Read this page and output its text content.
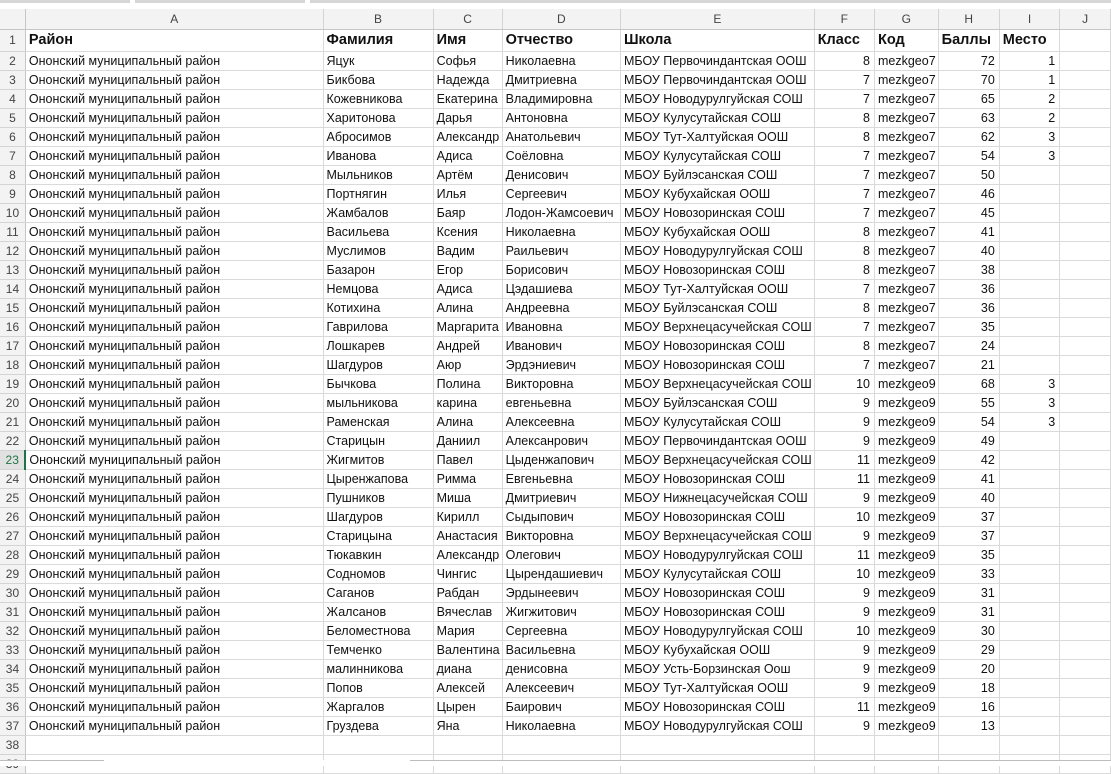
	A	B	C	D	E	F	G	H	I	J
1	Район	Фамилия	Имя	Отчество	Школа	Класс	Код	Баллы	Место	
2	Ононский муниципальный район	Яцук	Софья	Николаевна	МБОУ Первочиндантская ООШ	8	mezkgeo7	72	1	
3	Ононский муниципальный район	Бикбова	Надежда	Дмитриевна	МБОУ Первочиндантская ООШ	7	mezkgeo7	70	1	
4	Ононский муниципальный район	Кожевникова	Екатерина	Владимировна	МБОУ Новодурулгуйская СОШ	7	mezkgeo7	65	2	
5	Ононский муниципальный район	Харитонова	Дарья	Антоновна	МБОУ Кулусутайская СОШ	8	mezkgeo7	63	2	
6	Ононский муниципальный район	Абросимов	Александр	Анатольевич	МБОУ Тут-Халтуйская ООШ	8	mezkgeo7	62	3	
7	Ононский муниципальный район	Иванова	Адиса	Соёловна	МБОУ Кулусутайская СОШ	7	mezkgeo7	54	3	
8	Ононский муниципальный район	Мыльников	Артём	Денисович	МБОУ Буйлэсанская СОШ	7	mezkgeo7	50		
9	Ононский муниципальный район	Портнягин	Илья	Сергеевич	МБОУ Кубухайская ООШ	7	mezkgeo7	46		
10	Ононский муниципальный район	Жамбалов	Баяр	Лодон-Жамсоевич	МБОУ Новозоринская СОШ	7	mezkgeo7	45		
11	Ононский муниципальный район	Васильева	Ксения	Николаевна	МБОУ Кубухайская ООШ	8	mezkgeo7	41		
12	Ононский муниципальный район	Муслимов	Вадим	Раильевич	МБОУ Новодурулгуйская СОШ	8	mezkgeo7	40		
13	Ононский муниципальный район	Базарон	Егор	Борисович	МБОУ Новозоринская СОШ	8	mezkgeo7	38		
14	Ононский муниципальный район	Немцова	Адиса	Цэдашиева	МБОУ Тут-Халтуйская ООШ	7	mezkgeo7	36		
15	Ононский муниципальный район	Котихина	Алина	Андреевна	МБОУ Буйлэсанская СОШ	8	mezkgeo7	36		
16	Ононский муниципальный район	Гаврилова	Маргарита	Ивановна	МБОУ Верхнецасучейская СОШ	7	mezkgeo7	35		
17	Ононский муниципальный район	Лошкарев	Андрей	Иванович	МБОУ Новозоринская СОШ	8	mezkgeo7	24		
18	Ононский муниципальный район	Шагдуров	Аюр	Эрдэниевич	МБОУ Новозоринская СОШ	7	mezkgeo7	21		
19	Ононский муниципальный район	Бычкова	Полина	Викторовна	МБОУ Верхнецасучейская СОШ	10	mezkgeo9	68	3	
20	Ононский муниципальный район	мыльникова	карина	евгеньевна	МБОУ Буйлэсанская СОШ	9	mezkgeo9	55	3	
21	Ононский муниципальный район	Раменская	Алина	Алексеевна	МБОУ Кулусутайская СОШ	9	mezkgeo9	54	3	
22	Ононский муниципальный район	Старицын	Даниил	Алексанрович	МБОУ Первочиндантская ООШ	9	mezkgeo9	49		
23	Ононский муниципальный район	Жигмитов	Павел	Цыденжапович	МБОУ Верхнецасучейская СОШ	11	mezkgeo9	42		
24	Ононский муниципальный район	Цыренжапова	Римма	Евгеньевна	МБОУ Новозоринская СОШ	11	mezkgeo9	41		
25	Ононский муниципальный район	Пушников	Миша	Дмитриевич	МБОУ Нижнецасучейская СОШ	9	mezkgeo9	40		
26	Ононский муниципальный район	Шагдуров	Кирилл	Сыдыпович	МБОУ Новозоринская СОШ	10	mezkgeo9	37		
27	Ононский муниципальный район	Старицына	Анастасия	Викторовна	МБОУ Верхнецасучейская СОШ	9	mezkgeo9	37		
28	Ононский муниципальный район	Тюкавкин	Александр	Олегович	МБОУ Новодурулгуйская СОШ	11	mezkgeo9	35		
29	Ононский муниципальный район	Содномов	Чингис	Цырендашиевич	МБОУ Кулусутайская СОШ	10	mezkgeo9	33		
30	Ононский муниципальный район	Саганов	Рабдан	Эрдынеевич	МБОУ Новозоринская СОШ	9	mezkgeo9	31		
31	Ононский муниципальный район	Жалсанов	Вячеслав	Жигжитович	МБОУ Новозоринская СОШ	9	mezkgeo9	31		
32	Ононский муниципальный район	Беломестнова	Мария	Сергеевна	МБОУ Новодурулгуйская СОШ	10	mezkgeo9	30		
33	Ононский муниципальный район	Темченко	Валентина	Васильевна	МБОУ Кубухайская ООШ	9	mezkgeo9	29		
34	Ононский муниципальный район	малинникова	диана	денисовна	МБОУ Усть-Борзинская Оош	9	mezkgeo9	20		
35	Ононский муниципальный район	Попов	Алексей	Алексеевич	МБОУ Тут-Халтуйская ООШ	9	mezkgeo9	18		
36	Ононский муниципальный район	Жаргалов	Цырен	Баирович	МБОУ Новозоринская СОШ	11	mezkgeo9	16		
37	Ононский муниципальный район	Груздева	Яна	Николаевна	МБОУ Новодурулгуйская СОШ	9	mezkgeo9	13		
38										
